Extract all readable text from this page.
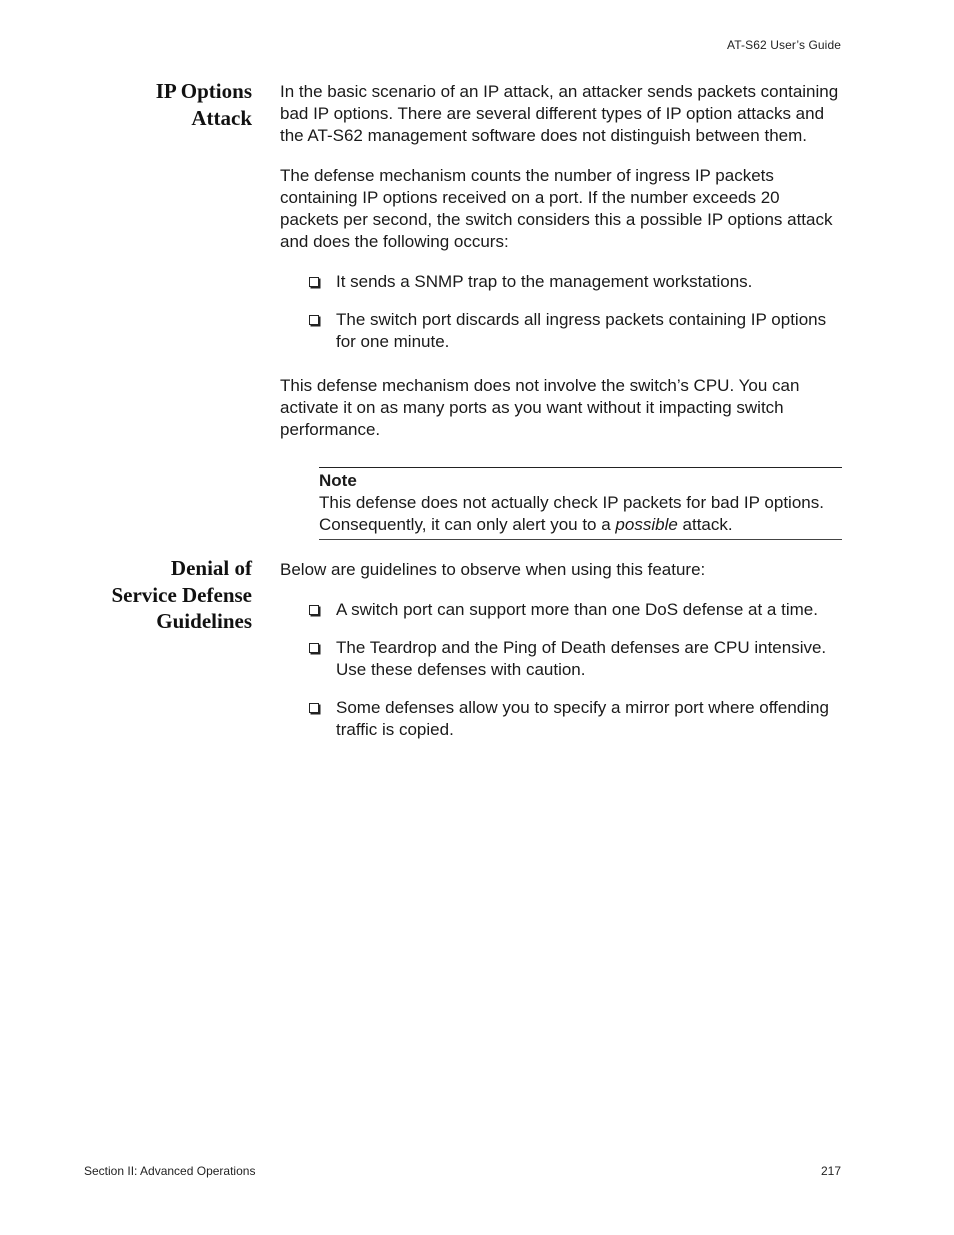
AT-S62 User’s Guide
IP Options
Attack

In the basic scenario of an IP attack, an attacker sends packets containing bad IP options. There are several different types of IP option attacks and the AT-S62 management software does not distinguish between them.

The defense mechanism counts the number of ingress IP packets containing IP options received on a port. If the number exceeds 20 packets per second, the switch considers this a possible IP options attack and does the following occurs:

It sends a SNMP trap to the management workstations.
The switch port discards all ingress packets containing IP options for one minute.

This defense mechanism does not involve the switch’s CPU. You can activate it on as many ports as you want without it impacting switch performance.

Note
This defense does not actually check IP packets for bad IP options. Consequently, it can only alert you to a possible attack.
Denial of
Service Defense
Guidelines

Below are guidelines to observe when using this feature:

A switch port can support more than one DoS defense at a time.
The Teardrop and the Ping of Death defenses are CPU intensive. Use these defenses with caution.
Some defenses allow you to specify a mirror port where offending traffic is copied.
Section II: Advanced Operations	217
